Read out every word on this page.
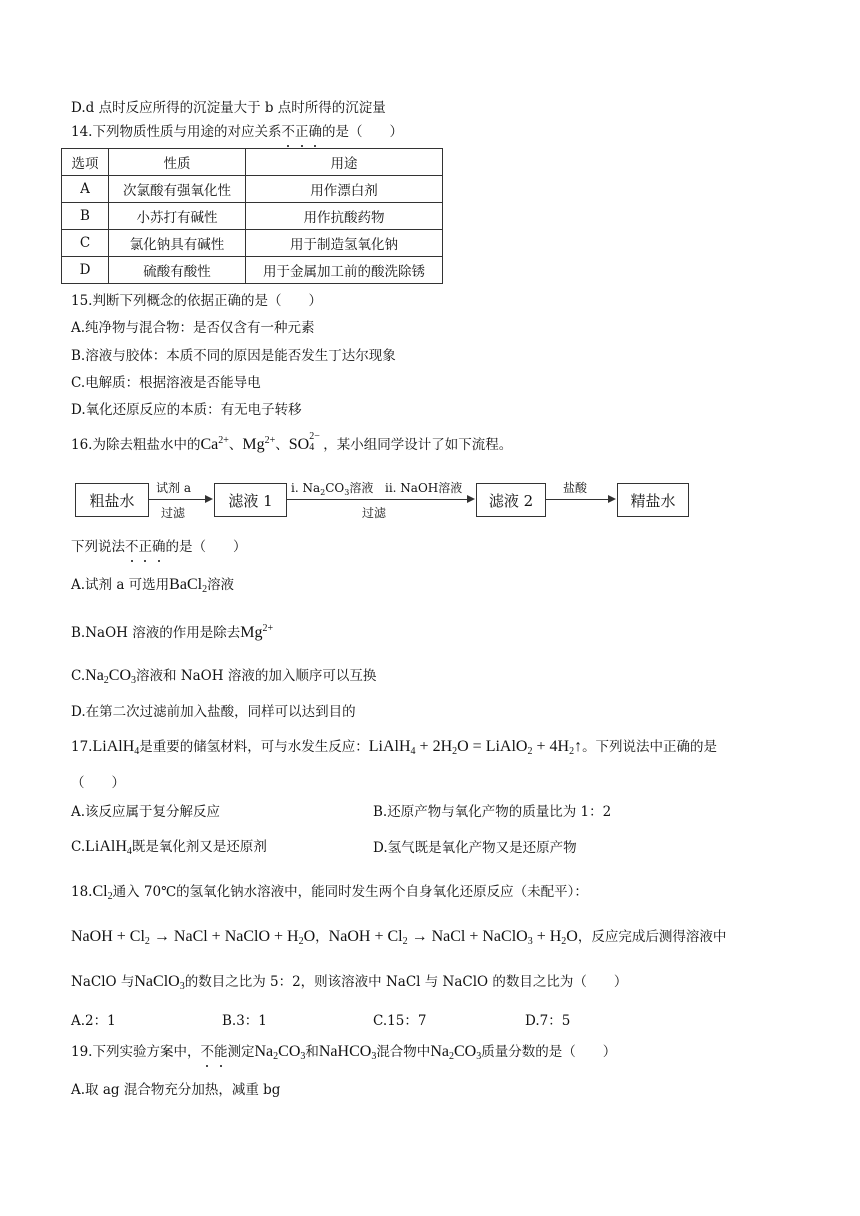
D.d 点时反应所得的沉淀量大于 b 点时所得的沉淀量
14.下列物质性质与用途的对应关系不正确的是（　　）
选项	性质	用途
A	次氯酸有强氧化性	用作漂白剂
B	小苏打有碱性	用作抗酸药物
C	氯化钠具有碱性	用于制造氢氧化钠
D	硫酸有酸性	用于金属加工前的酸洗除锈
15.判断下列概念的依据正确的是（　　）
A.纯净物与混合物：是否仅含有一种元素
B.溶液与胶体：本质不同的原因是能否发生丁达尔现象
C.电解质：根据溶液是否能导电
D.氧化还原反应的本质：有无电子转移
16.为除去粗盐水中的$Ca^{2+}$、$Mg^{2+}$、SO 2−
4 ，某小组同学设计了如下流程。
粗盐水	滤液 1	滤液 2	精盐水
试剂 a
过滤
i. $Na_2CO_3$溶液 ii. NaOH溶液
过滤
盐酸
下列说法不正确的是（　　）
A.试剂 a 可选用BaCl$_2$溶液
B.NaOH 溶液的作用是除去$Mg^{2+}$
$C.Na_2CO_3$溶液和 NaOH 溶液的加入顺序可以互换
D.在第二次过滤前加入盐酸，同样可以达到目的
17.LiAlH$_4$是重要的储氢材料，可与水发生反应：LiAlH$_4$ + $2H_2O$ = LiAlO$_2$ + $4H_2↑$。下列说法中正确的是
（　　）
A.该反应属于复分解反应	B.还原产物与氧化产物的质量比为 1：2
C.LiAlH$_4$既是氧化剂又是还原剂	D.氢气既是氧化产物又是还原产物
$18.Cl_2$通入 70℃的氢氧化钠水溶液中，能同时发生两个自身氧化还原反应（未配平）：
NaOH + $Cl_2$ → NaCl + NaClO + $H_2O$，NaOH + $Cl_2$ → NaCl + NaClO$_3$ + $H_2O$，反应完成后测得溶液中
NaClO 与NaClO$_3$的数目之比为 5：2，则该溶液中 NaCl 与 NaClO 的数目之比为（　　）
A.2：1	B.3：1	C.15：7	D.7：5
19.下列实验方案中，不能测定$Na_2CO_3$和NaHCO$_3$混合物中$Na_2CO_3$质量分数的是（　　）
A.取 ag 混合物充分加热，减重 bg
